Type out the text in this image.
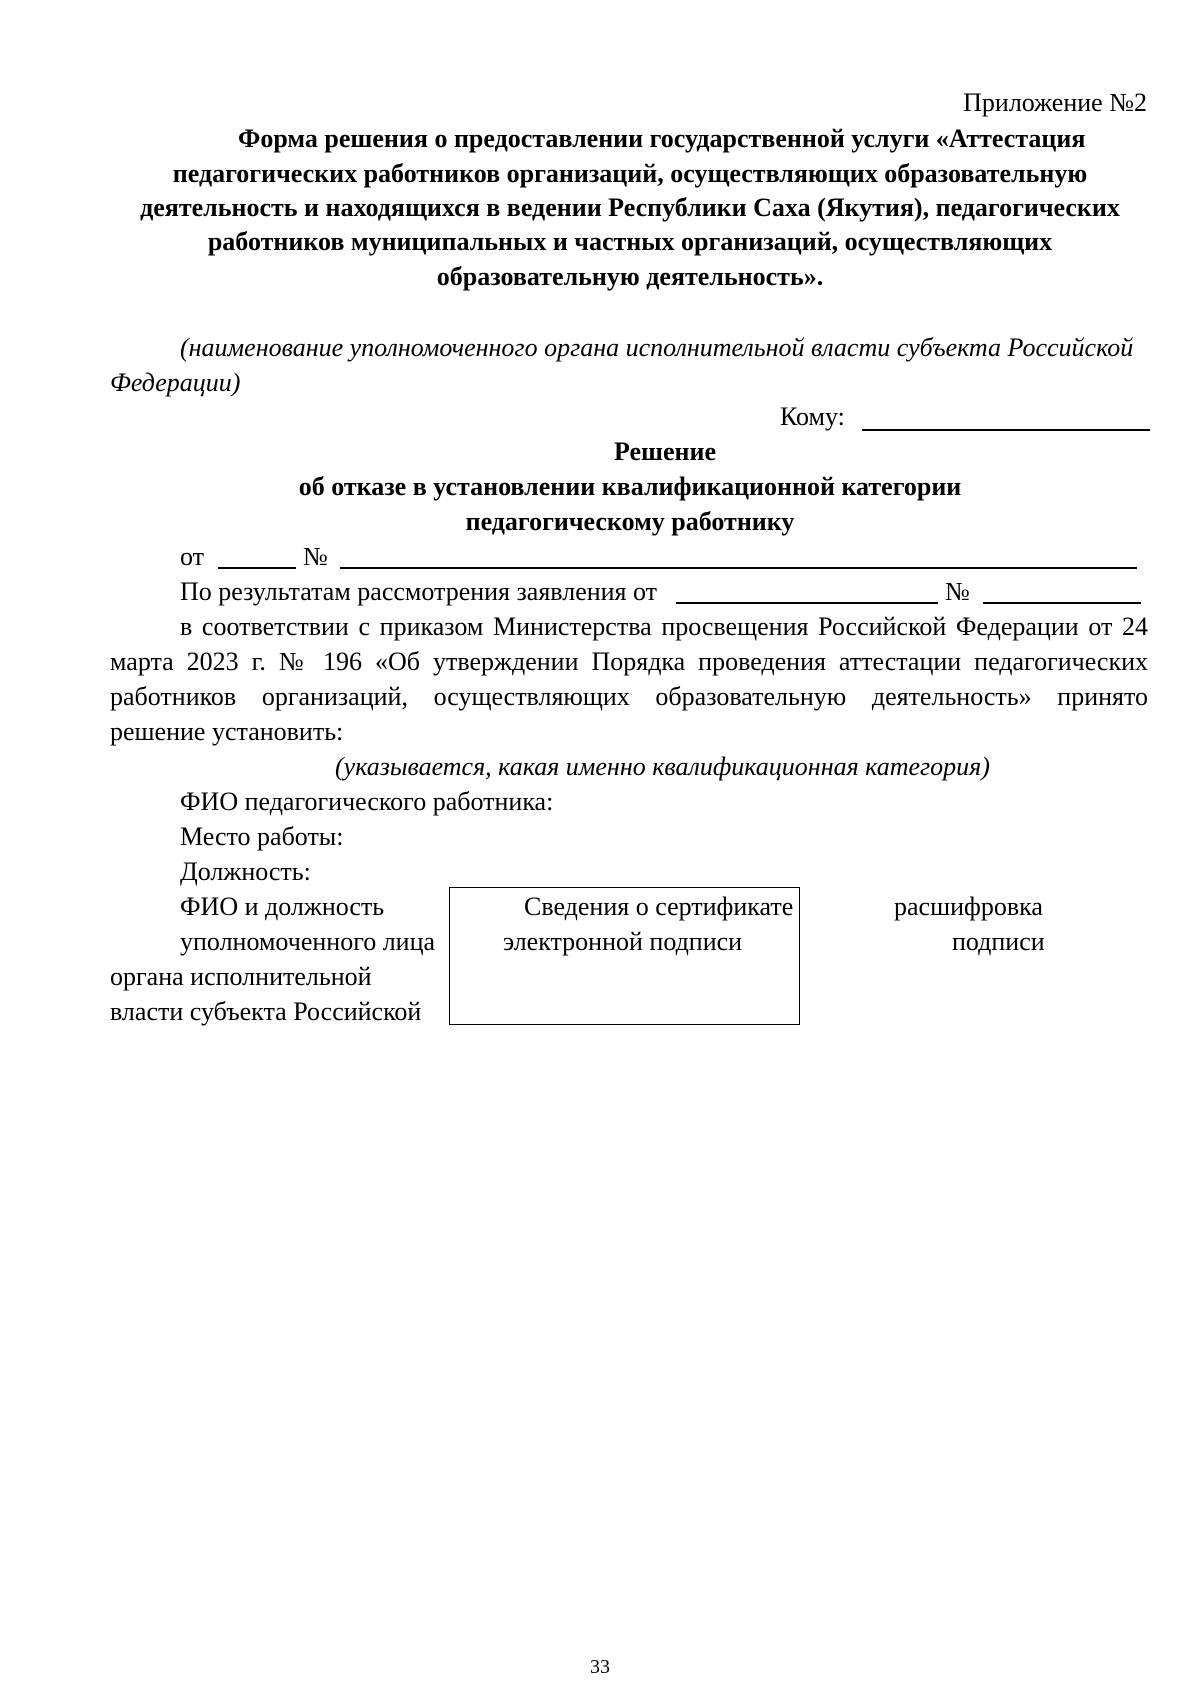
Приложение №2
Форма решения о предоставлении государственной услуги «Аттестация
педагогических работников организаций, осуществляющих образовательную
деятельность и находящихся в ведении Республики Саха (Якутия), педагогических
работников муниципальных и частных организаций, осуществляющих
образовательную деятельность».
(наименование уполномоченного органа исполнительной власти субъекта Российской
Федерации)
Кому:
Решение
об отказе в установлении квалификационной категории
педагогическому работнику
от	№
По результатам рассмотрения заявления от	№
в соответствии с приказом Министерства просвещения Российской Федерации от 24
марта 2023 г. № 196 «Об утверждении Порядка проведения аттестации педагогических
работников организаций, осуществляющих образовательную деятельность» принято
решение установить:
(указывается, какая именно квалификационная категория)
ФИО педагогического работника:
Место работы:
Должность:
ФИО и должность
уполномоченного лица
органа исполнительной
власти субъекта Российской
Сведения о сертификате
электронной подписи
расшифровка
подписи
33
